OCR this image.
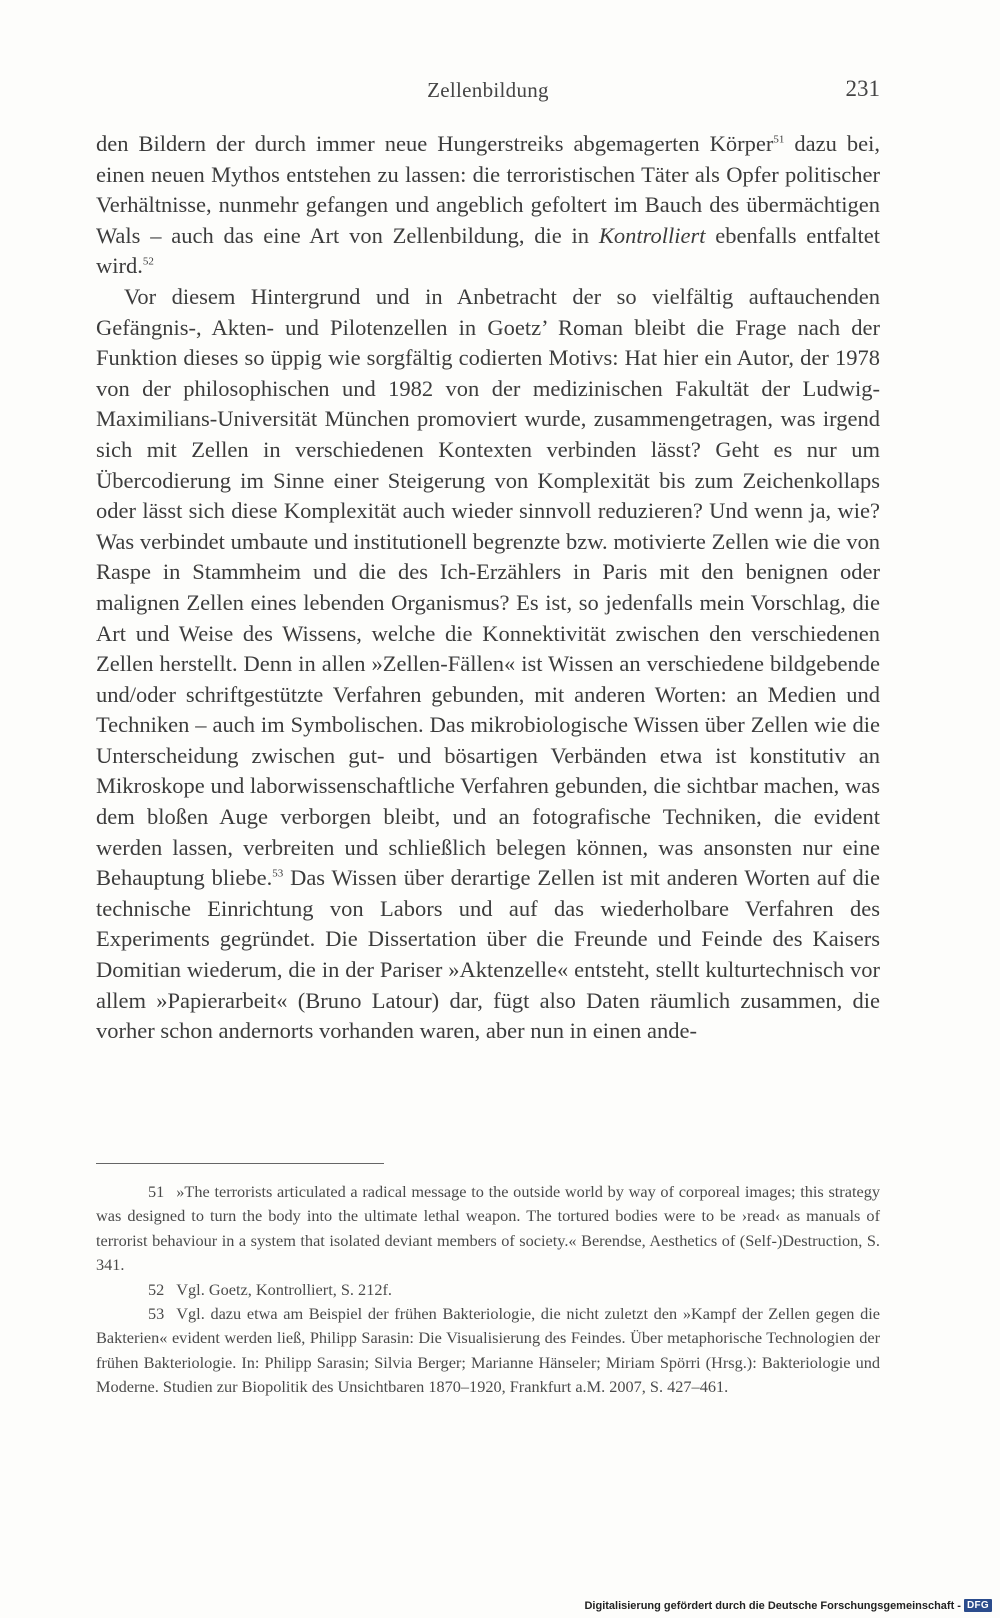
Zellenbildung	231

den Bildern der durch immer neue Hungerstreiks abgemagerten Körper$^{51}$ dazu bei, einen neuen Mythos entstehen zu lassen: die terroristischen Täter als Opfer politischer Verhältnisse, nunmehr gefangen und angeblich gefoltert im Bauch des übermächtigen Wals – auch das eine Art von Zellenbildung, die in Kontrolliert ebenfalls entfaltet wird.$^{52}$

Vor diesem Hintergrund und in Anbetracht der so vielfältig auftauchenden Gefängnis-, Akten- und Pilotenzellen in Goetz’ Roman bleibt die Frage nach der Funktion dieses so üppig wie sorgfältig codierten Motivs: Hat hier ein Autor, der 1978 von der philosophischen und 1982 von der medizinischen Fakultät der Ludwig-Maximilians-Universität München promoviert wurde, zusammengetragen, was irgend sich mit Zellen in verschiedenen Kontexten verbinden lässt? Geht es nur um Übercodierung im Sinne einer Steigerung von Komplexität bis zum Zeichenkollaps oder lässt sich diese Komplexität auch wieder sinnvoll reduzieren? Und wenn ja, wie? Was verbindet umbaute und institutionell begrenzte bzw. motivierte Zellen wie die von Raspe in Stammheim und die des Ich-Erzählers in Paris mit den benignen oder malignen Zellen eines lebenden Organismus? Es ist, so jedenfalls mein Vorschlag, die Art und Weise des Wissens, welche die Konnektivität zwischen den verschiedenen Zellen herstellt. Denn in allen »Zellen-Fällen« ist Wissen an verschiedene bildgebende und/oder schriftgestützte Verfahren gebunden, mit anderen Worten: an Medien und Techniken – auch im Symbolischen. Das mikrobiologische Wissen über Zellen wie die Unterscheidung zwischen gut- und bösartigen Verbänden etwa ist konstitutiv an Mikroskope und laborwissenschaftliche Verfahren gebunden, die sichtbar machen, was dem bloßen Auge verborgen bleibt, und an fotografische Techniken, die evident werden lassen, verbreiten und schließlich belegen können, was ansonsten nur eine Behauptung bliebe.$^{53}$ Das Wissen über derartige Zellen ist mit anderen Worten auf die technische Einrichtung von Labors und auf das wiederholbare Verfahren des Experiments gegründet. Die Dissertation über die Freunde und Feinde des Kaisers Domitian wiederum, die in der Pariser »Aktenzelle« entsteht, stellt kulturtechnisch vor allem »Papierarbeit« (Bruno Latour) dar, fügt also Daten räumlich zusammen, die vorher schon andernorts vorhanden waren, aber nun in einen ande-

51 »The terrorists articulated a radical message to the outside world by way of corporeal images; this strategy was designed to turn the body into the ultimate lethal weapon. The tortured bodies were to be ›read‹ as manuals of terrorist behaviour in a system that isolated deviant members of society.« Berendse, Aesthetics of (Self-)Destruction, S. 341.

52 Vgl. Goetz, Kontrolliert, S. 212f.

53 Vgl. dazu etwa am Beispiel der frühen Bakteriologie, die nicht zuletzt den »Kampf der Zellen gegen die Bakterien« evident werden ließ, Philipp Sarasin: Die Visualisierung des Feindes. Über metaphorische Technologien der frühen Bakteriologie. In: Philipp Sarasin; Silvia Berger; Marianne Hänseler; Miriam Spörri (Hrsg.): Bakteriologie und Moderne. Studien zur Biopolitik des Unsichtbaren 1870–1920, Frankfurt a.M. 2007, S. 427–461.

Digitalisierung gefördert durch die Deutsche Forschungsgemeinschaft - DFG
